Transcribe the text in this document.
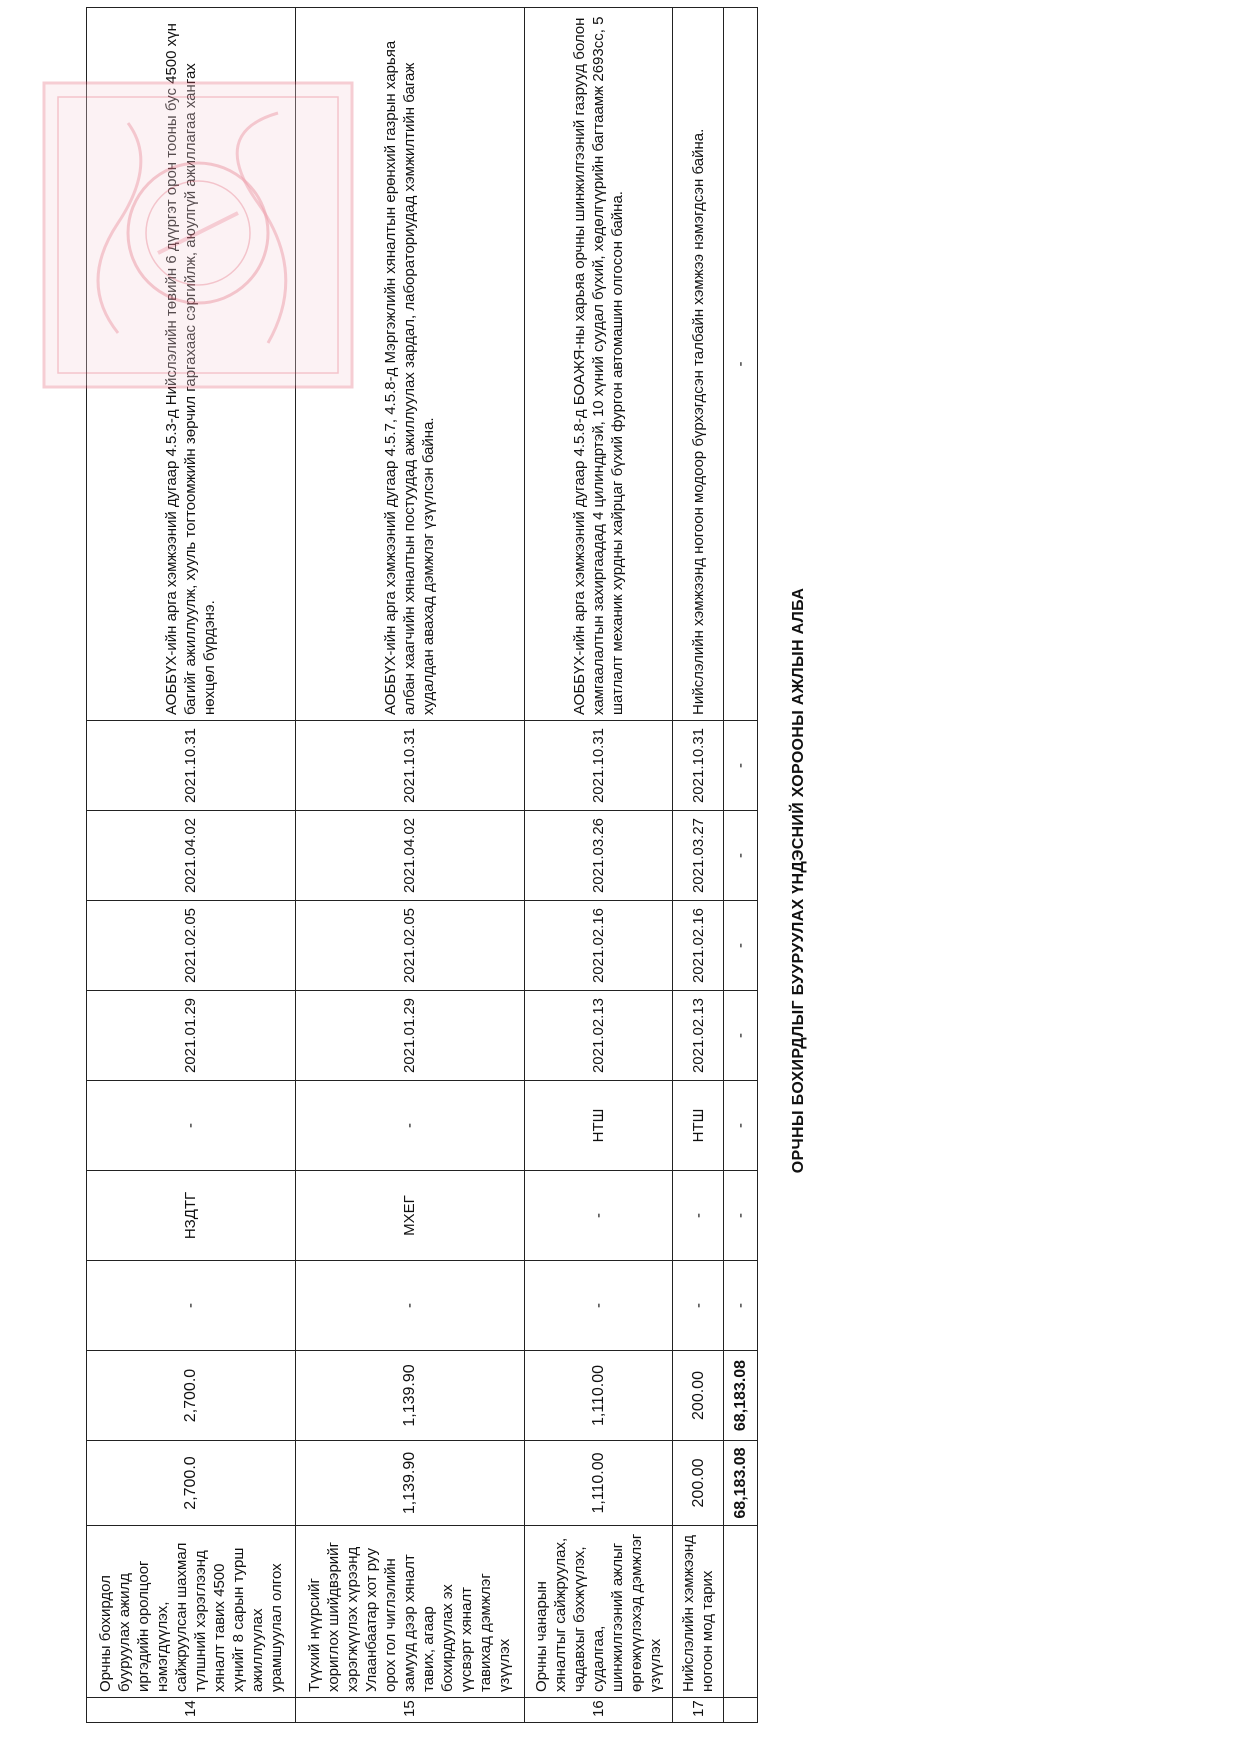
14	Орчны бохирдол бууруулах ажилд иргэдийн оролцоог нэмэгдүүлэх, сайжруулсан шахмал түлшний хэрэглээнд хяналт тавих 4500 хүнийг 8 сарын турш ажиллуулах урамшуулал олгох	2,700.0	2,700.0	-	НЗДТГ	-	2021.01.29	2021.02.05	2021.04.02	2021.10.31	АОББҮХ-ийн арга хэмжээний дугаар 4.5.3-д Нийслэлийн төвийн 6 дүүргэт орон тооны бус 4500 хүн багийг ажиллуулж, хууль тогтоомжийн зөрчил гаргахаас сэргийлж, аюулгүй ажиллагаа хангах нөхцөл бүрдэнэ.
15	Түүхий нүүрсийг хориглох шийдвэрийг хэрэгжүүлэх хүрээнд Улаанбаатар хот руу орох гол чиглэлийн замууд дээр хяналт тавих, агаар бохирдуулах эх үүсвэрт хяналт тавихад дэмжлэг үзүүлэх	1,139.90	1,139.90	-	МХЕГ	-	2021.01.29	2021.02.05	2021.04.02	2021.10.31	АОББҮХ-ийн арга хэмжээний дугаар 4.5.7, 4.5.8-д Мэргэжлийн хяналтын ерөнхий газрын харьяа албан хаагчийн хяналтын постуудад ажиллуулах зардал, лабораториудад хэмжилтийн багаж худалдан авахад дэмжлэг үзүүлсэн байна.
16	Орчны чанарын хяналтыг сайжруулах, чадавхыг бэхжүүлэх, судалгаа, шинжилгээний ажлыг өргөжүүлэхэд дэмжлэг үзүүлэх	1,110.00	1,110.00	-	-	НТШ	2021.02.13	2021.02.16	2021.03.26	2021.10.31	АОББҮХ-ийн арга хэмжээний дугаар 4.5.8-д БОАЖЯ-ны харьяа орчны шинжилгээний газрууд болон хамгаалалтын захиргаадад 4 цилиндртэй, 10 хүний суудал бүхий, хөдөлгүүрийн багтаамж 2693сс, 5 шатлалт механик хурдны хайрцаг бүхий фургон автомашин олгосон байна.
17	Нийслэлийн хэмжээнд ногоон мод тарих	200.00	200.00	-	-	НТШ	2021.02.13	2021.02.16	2021.03.27	2021.10.31	Нийслэлийн хэмжээнд ногоон модоор бүрхэгдсэн талбайн хэмжээ нэмэгдсэн байна.
		68,183.08	68,183.08	-	-	-	-	-	-	-	-
ОРЧНЫ БОХИРДЛЫГ БУУРУУЛАХ ҮНДЭСНИЙ ХОРООНЫ АЖЛЫН АЛБА
